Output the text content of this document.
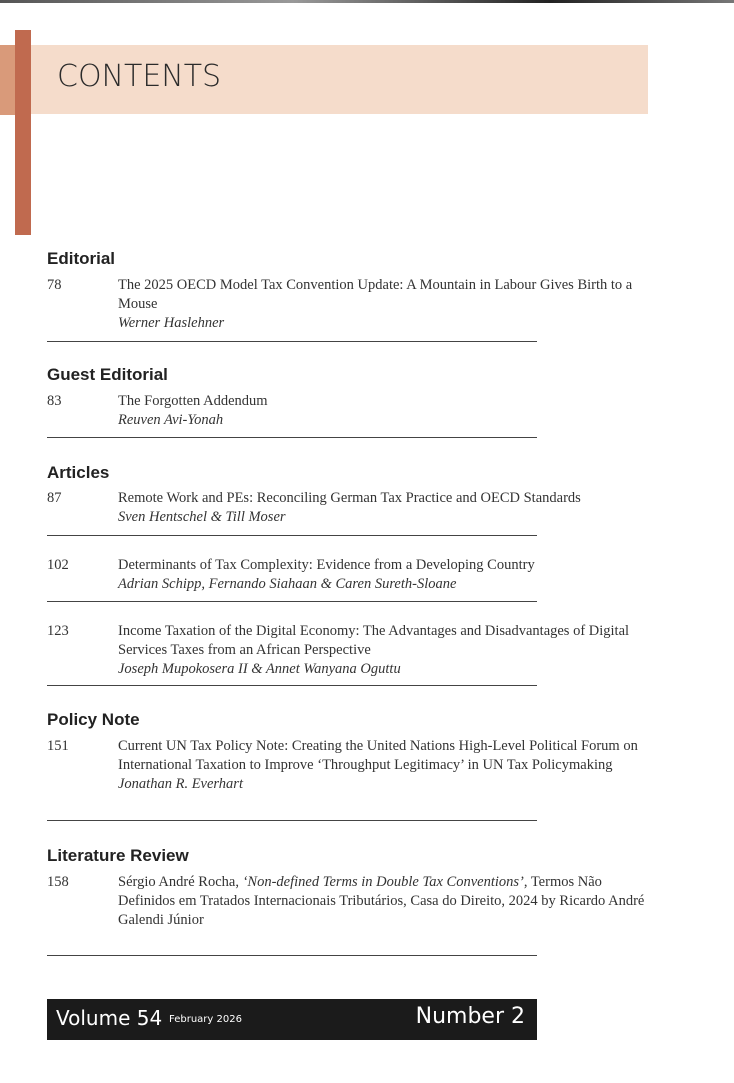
CONTENTS
Editorial
78	The 2025 OECD Model Tax Convention Update: A Mountain in Labour Gives Birth to a Mouse
Werner Haslehner
Guest Editorial
83	The Forgotten Addendum
Reuven Avi-Yonah
Articles
87	Remote Work and PEs: Reconciling German Tax Practice and OECD Standards
Sven Hentschel & Till Moser
102	Determinants of Tax Complexity: Evidence from a Developing Country
Adrian Schipp, Fernando Siahaan & Caren Sureth-Sloane
123	Income Taxation of the Digital Economy: The Advantages and Disadvantages of Digital Services Taxes from an African Perspective
Joseph Mupokosera II & Annet Wanyana Oguttu
Policy Note
151	Current UN Tax Policy Note: Creating the United Nations High-Level Political Forum on International Taxation to Improve ‘Throughput Legitimacy’ in UN Tax Policymaking
Jonathan R. Everhart
Literature Review
158	Sérgio André Rocha, ‘Non-defined Terms in Double Tax Conventions’, Termos Não Definidos em Tratados Internacionais Tributários, Casa do Direito, 2024 by Ricardo André Galendi Júnior
Volume 54 February 2026	Number 2
